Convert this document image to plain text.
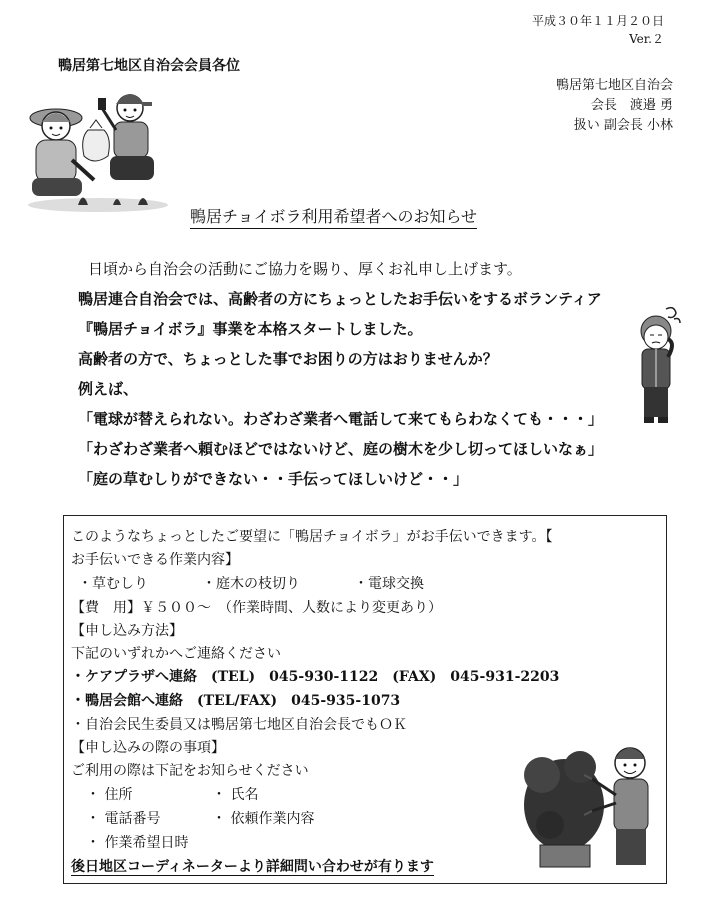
平成３０年１１月２０日
Ver.２
鴨居第七地区自治会会員各位
鴨居第七地区自治会
会長　渡邉 勇
扱い 副会長 小林
鴨居チョイボラ利用希望者へのお知らせ
日頃から自治会の活動にご協力を賜り、厚くお礼申し上げます。
鴨居連合自治会では、高齢者の方にちょっとしたお手伝いをするボランティア
『鴨居チョイボラ』事業を本格スタートしました。
高齢者の方で、ちょっとした事でお困りの方はおりませんか？
例えば、
「電球が替えられない。わざわざ業者へ電話して来てもらわなくても・・・」
「わざわざ業者へ頼むほどではないけど、庭の樹木を少し切ってほしいなぁ」
「庭の草むしりができない・・手伝ってほしいけど・・」
このようなちょっとしたご要望に「鴨居チョイボラ」がお手伝いできます。【
お手伝いできる作業内容】
・草むしり	・庭木の枝切り	・電球交換
【費　用】￥５００～　（作業時間、人数により変更あり）
【申し込み方法】
下記のいずれかへご連絡ください
・ケアプラザへ連絡　(TEL)　045-930-1122　(FAX)　045-931-2203
・鴨居会館へ連絡　(TEL/FAX)　045-935-1073
・自治会民生委員又は鴨居第七地区自治会長でもＯＫ
【申し込みの際の事項】
ご利用の際は下記をお知らせください
・ 住所	・ 氏名
・ 電話番号	・ 依頼作業内容
・ 作業希望日時
後日地区コーディネーターより詳細問い合わせが有ります
